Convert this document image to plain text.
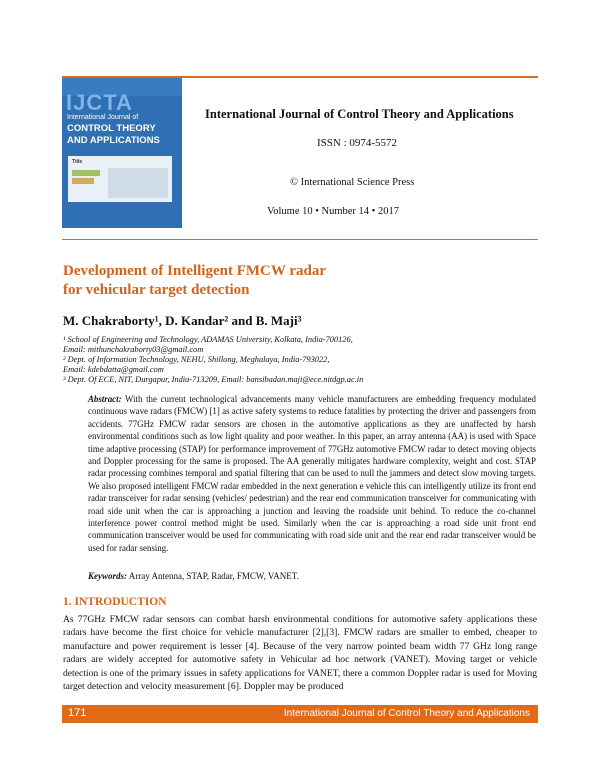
IJCTA
International Journal of
CONTROL THEORY
AND APPLICATIONS
Title
International Journal of Control Theory and Applications
ISSN : 0974-5572
© International Science Press
Volume 10 • Number 14 • 2017
Development of Intelligent FMCW radar
for vehicular target detection
M. Chakraborty¹, D. Kandar² and B. Maji³
¹ School of Engineering and Technology, ADAMAS University, Kolkata, India-700126,
Email: mithunchakraborty03@gmail.com
² Dept. of Information Technology, NEHU, Shillong, Meghalaya, India-793022,
Email: kdebdatta@gmail.com
³ Dept. Of ECE, NIT, Durgapur, India-713209, Email: bansibadan.maji@ece.nitdgp.ac.in
Abstract: With the current technological advancements many vehicle manufacturers are embedding frequency modulated continuous wave radars (FMCW) [1] as active safety systems to reduce fatalities by protecting the driver and passengers from accidents. 77GHz FMCW radar sensors are chosen in the automotive applications as they are unaffected by harsh environmental conditions such as low light quality and poor weather. In this paper, an array antenna (AA) is used with Space time adaptive processing (STAP) for performance improvement of 77GHz automotive FMCW radar to detect moving objects and Doppler processing for the same is proposed. The AA generally mitigates hardware complexity, weight and cost. STAP radar processing combines temporal and spatial filtering that can be used to null the jammers and detect slow moving targets. We also proposed intelligent FMCW radar embedded in the next generation e vehicle this can intelligently utilize its front end radar transceiver for radar sensing (vehicles/ pedestrian) and the rear end communication transceiver for communicating with road side unit when the car is approaching a junction and leaving the roadside unit behind. To reduce the co-channel interference power control method might be used. Similarly when the car is approaching a road side unit front end communication transceiver would be used for communicating with road side unit and the rear end radar transceiver would be used for radar sensing.
Keywords: Array Antenna, STAP, Radar, FMCW, VANET.
1. INTRODUCTION
As 77GHz FMCW radar sensors can combat harsh environmental conditions for automotive safety applications these radars have become the first choice for vehicle manufacturer [2],[3]. FMCW radars are smaller to embed, cheaper to manufacture and power requirement is lesser [4]. Because of the very narrow pointed beam width 77 GHz long range radars are widely accepted for automotive safety in Vehicular ad hoc network (VANET). Moving target or vehicle detection is one of the primary issues in safety applications for VANET, there a common Doppler radar is used for Moving target detection and velocity measurement [6]. Doppler may be produced
171	International Journal of Control Theory and Applications
